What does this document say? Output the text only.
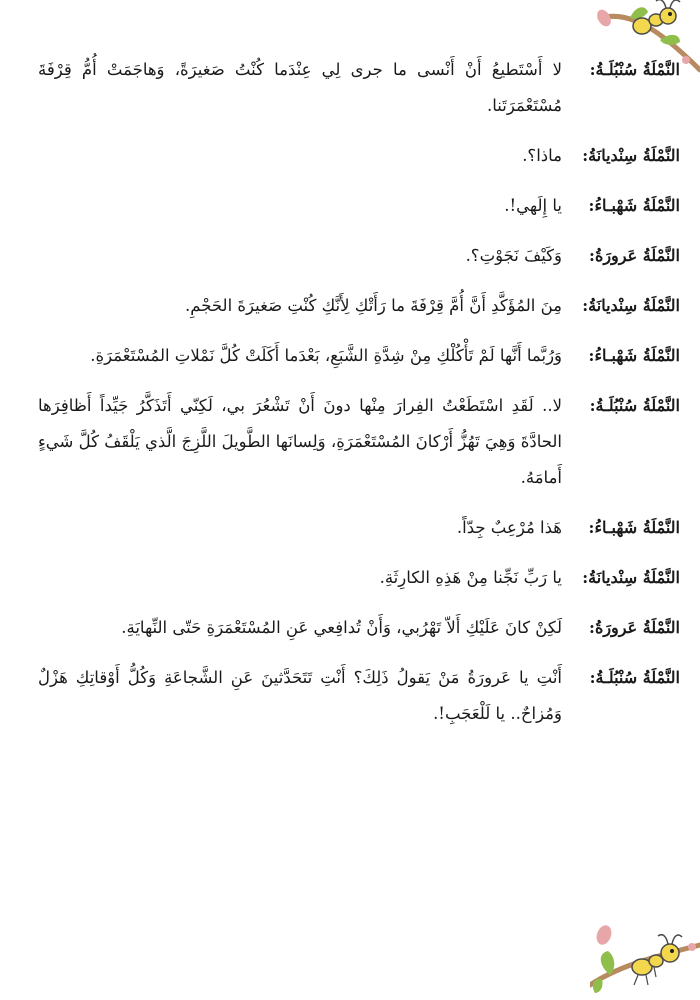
النَّمْلَةُ سُنْبُلَـةُ:
لا أَسْتَطيعُ أَنْ أَنْسى ما جرى لِي عِنْدَما كُنْتُ صَغيرَةً، وَهاجَمَتْ أُمُّ قِرْفَةَ مُسْتَعْمَرَتَنا.
النَّمْلَةُ سِنْديانَةُ:
ماذا؟.
النَّمْلَةُ شَهْبـاءُ:
يا إِلَهي!.
النَّمْلَةُ عَرورَةُ:
وَكَيْفَ نَجَوْتِ؟.
النَّمْلَةُ سِنْديانَةُ:
مِنَ المُؤَكَّدِ أَنَّ أُمَّ قِرْفَةَ ما رَأَتْكِ لِأَنَّكِ كُنْتِ صَغيرَةَ الحَجْمِ.
النَّمْلَةُ شَهْبـاءُ:
وَرُبَّما أَنَّها لَمْ تَأْكُلْكِ مِنْ شِدَّةِ الشَّبَعِ، بَعْدَما أَكَلَتْ كُلَّ نَمْلاتِ المُسْتَعْمَرَةِ.
النَّمْلَةُ سُنْبُلَـةُ:
لا.. لَقَدِ اسْتَطَعْتُ الفِرارَ مِنْها دونَ أَنْ تَشْعُرَ بي، لَكِنّي أَتَذَكَّرُ جَيِّداً أَظافِرَها الحادَّةَ وَهِيَ تَهُزُّ أَرْكانَ المُسْتَعْمَرَةِ، وَلِسانَها الطَّويلَ اللَّزِجَ الَّذي يَلْقَفُ كُلَّ شَيءٍ أَمامَهُ.
النَّمْلَةُ شَهْبـاءُ:
هَذا مُرْعِبٌ جِدّاً.
النَّمْلَةُ سِنْديانَةُ:
يا رَبِّ نَجِّنا مِنْ هَذِهِ الكارِثَةِ.
النَّمْلَةُ عَرورَةُ:
لَكِنْ كانَ عَلَيْكِ أَلاّ تَهْرُبي، وَأَنْ تُدافِعي عَنِ المُسْتَعْمَرَةِ حَتّى النِّهايَةِ.
النَّمْلَةُ سُنْبُلَـةُ:
أَنْتِ يا عَرورَةُ مَنْ يَقولُ ذَلِكَ؟ أَنْتِ تَتَحَدَّثينَ عَنِ الشَّجاعَةِ وَكُلُّ أَوْقاتِكِ هَزْلٌ وَمُزاحٌ.. يا لَلْعَجَبِ!.
